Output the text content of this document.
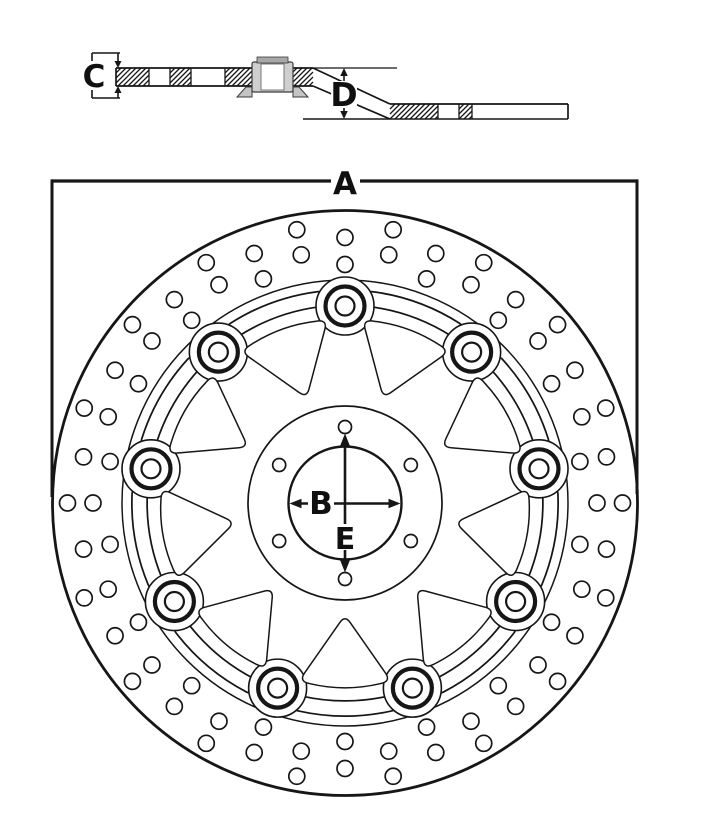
C	D
A
B
E
